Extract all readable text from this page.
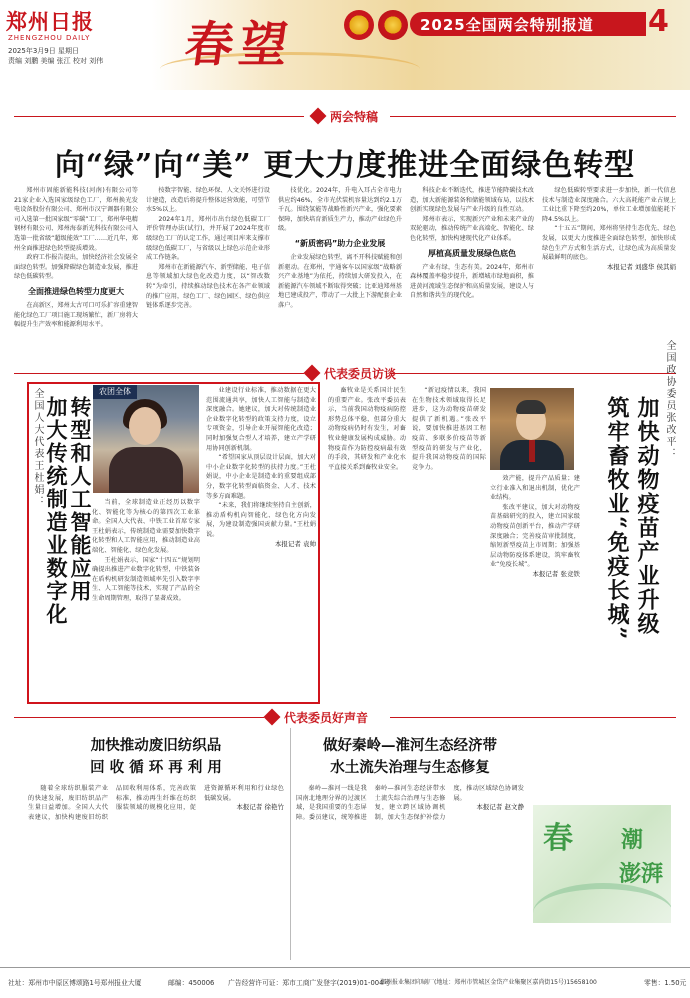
郑州日报
ZHENGZHOU DAILY
2025年3月9日 星期日
责编 刘鹏 美编 张江 校对 刘伟 春望	2025全国两会特别报道 4
两会特稿
向“绿”向“美” 更大力度推进全面绿色转型

郑州市固能新能科技(河南)有限公司等21家企业入选国家级绿色工厂，郑州换光发电设备股份有限公司、郑州市汉宁调器有限公司入选第一批国家级“零碳”工厂，郑州华电精钢材有限公司、郑州海泰新光科技有限公司入选第一批省级“超级能效”工厂……近几年，郑州全面推进绿色转型提质增效。

政府工作报告提出，加快经济社会发展全面绿色转型。加强降碳绿色制造业发展，推进绿色低碳转型。

全面推进绿色转型力度更大

在高新区，郑州太古可口可乐扩容重建智能化绿色工厂项目施工现场繁忙，新厂房将大幅提升生产效率和能源利用水平。

按数字智能、绿色环保、人文关怀进行设计建造，改造后将提升整体运营效能，可望节水5%以上。

2024年1月，郑州市出台绿色低碳工厂评价管理办法(试行)，并开展了2024年度市级绿色工厂的认定工作，通过项目库来支撑市级绿色低碳工厂，与省级以上绿色示范企业形成工作链条。

郑州市在新能源汽车、新型储能、电子信息等领域加大绿色化改造力度，以“智改数转”为牵引，持续推动绿色技术在各产业领域的推广应用，绿色工厂、绿色园区、绿色供应链体系逐步完善。

技优化。2024年，升电入耳占全市电力供应约46%，全市光伏装机容量达到约2.1万千瓦。围绕氢能等战略性新兴产业，强化要素保障，加快培育新质生产力，推动产业绿色升级。

“新质密码”助力企业发展

企业发展绿色转型，离不开科技赋能和创新驱动。在郑州，宇通客车以国家级“战略新兴产业基地”为依托，持续加大研发投入，在新能源汽车领域不断取得突破；比亚迪郑州基地已建成投产，带动了一大批上下游配套企业落户。

科技企业不断迭代，推进节能降碳技术改造，加大新能源装备和储能领域布局，以技术创新实现绿色发展与产业升级的良性互动。

郑州市表示，实现新兴产业和未来产业的双轮驱动，推动传统产业高端化、智能化、绿色化转型，加快构建现代化产业体系。

厚植高质量发展绿色底色

产业有绿，生态有美。2024年，郑州市森林覆盖率稳步提升，新增城市绿地面积，推进黄河流域生态保护和高质量发展，建设人与自然和谐共生的现代化。

绿色低碳转型要求进一步加快，新一代信息技术与制造业深度融合。六大高耗能产业占规上工业比重下降至约20%，单位工业增加值能耗下降4.5%以上。

“十五五”期间，郑州将坚持生态优先、绿色发展，以更大力度推进全面绿色转型，加快形成绿色生产方式和生活方式，让绿色成为高质量发展最鲜明的底色。

本报记者 刘盛华 侯其娟
代表委员访谈
全国人大代表王杜娟： 转型和人工智能应用
加大传统制造业数字化
农团全体

当前，全球制造业正经历以数字化、智能化等为核心的第四次工业革命。全国人大代表、中铁工业首席专家王杜娟表示，传统制造业需要加快数字化转型和人工智能应用，推动制造业高端化、智能化、绿色化发展。

王杜娟表示，国家“十四五”规划明确提出推进产业数字化转型，中铁装备在盾构机研发制造领域率先引入数字孪生、人工智能等技术，实现了产品的全生命周期管理，取得了显著成效。

业建设行业标准，推动数据在更大范围流通共享，加快人工智能与制造业深度融合。她建议，加大对传统制造业企业数字化转型的政策支持力度，设立专项资金，引导企业开展智能化改造；同时加强复合型人才培养，建立产学研用协同创新机制。

“希望国家从顶层设计层面，加大对中小企业数字化转型的扶持力度。”王杜娟说，中小企业是制造业的重要组成部分，数字化转型面临资金、人才、技术等多方面难题。

“未来，我们将继续坚持自主创新，推动盾构机向智能化、绿色化方向发展，为建设制造强国贡献力量。”王杜娟说。

本报记者 袁帅

畜牧业是关系国计民生的重要产业。张改平委员表示，当前我国动物疫病防控形势总体平稳，但部分重大动物疫病仍时有发生，对畜牧业健康发展构成威胁。动物疫苗作为防控疫病最有效的手段，其研发和产业化水平直接关系到畜牧业安全。

“新冠疫情以来，我国在生物技术领域取得长足进步，这为动物疫苗研发提供了新机遇。”张改平说，要加快推进基因工程疫苗、多联多价疫苗等新型疫苗的研发与产业化，提升我国动物疫苗的国际竞争力。

效产能，提升产品质量；建立行业准入和退出机制，优化产业结构。

张改平建议，加大对动物疫苗基础研究的投入，建立国家级动物疫苗创新平台，推动产学研深度融合；完善疫苗审批制度，缩短新型疫苗上市周期；加强基层动物防疫体系建设，筑牢畜牧业“免疫长城”。

本报记者 张竞铁 加快动物疫苗产业升级
筑牢畜牧业“免疫长城”	全国政协委员张改平：
代表委员好声音
加快推动废旧纺织品
回 收 循 环 再 利 用

随着全球纺织服装产业的快速发展，废旧纺织品产生量日益增加。全国人大代表建议，加快构建废旧纺织品回收利用体系，完善政策标准，推动再生纤维在纺织服装领域的规模化应用，促进资源循环利用和行业绿色低碳发展。

本报记者 徐艳竹
做好秦岭—淮河生态经济带
水土流失治理与生态修复

秦岭—淮河一线是我国南北地理分界的过渡区域，是我国重要的生态屏障。委员建议，统筹推进秦岭—淮河生态经济带水土流失综合治理与生态修复，建立跨区域协调机制，加大生态保护补偿力度，推动区域绿色协调发展。

本报记者 赵文静
春 潮
澎湃
社址：郑州市中原区博颂路1号郑州报业大厦	邮编：450006 广告经营许可证：郑市工商广发登字(2019)01-004号
郑州报业集团印刷厂(地址：郑州市管城区金岱产业集聚区嘉尚街15号)15658100	零售：1.50元
